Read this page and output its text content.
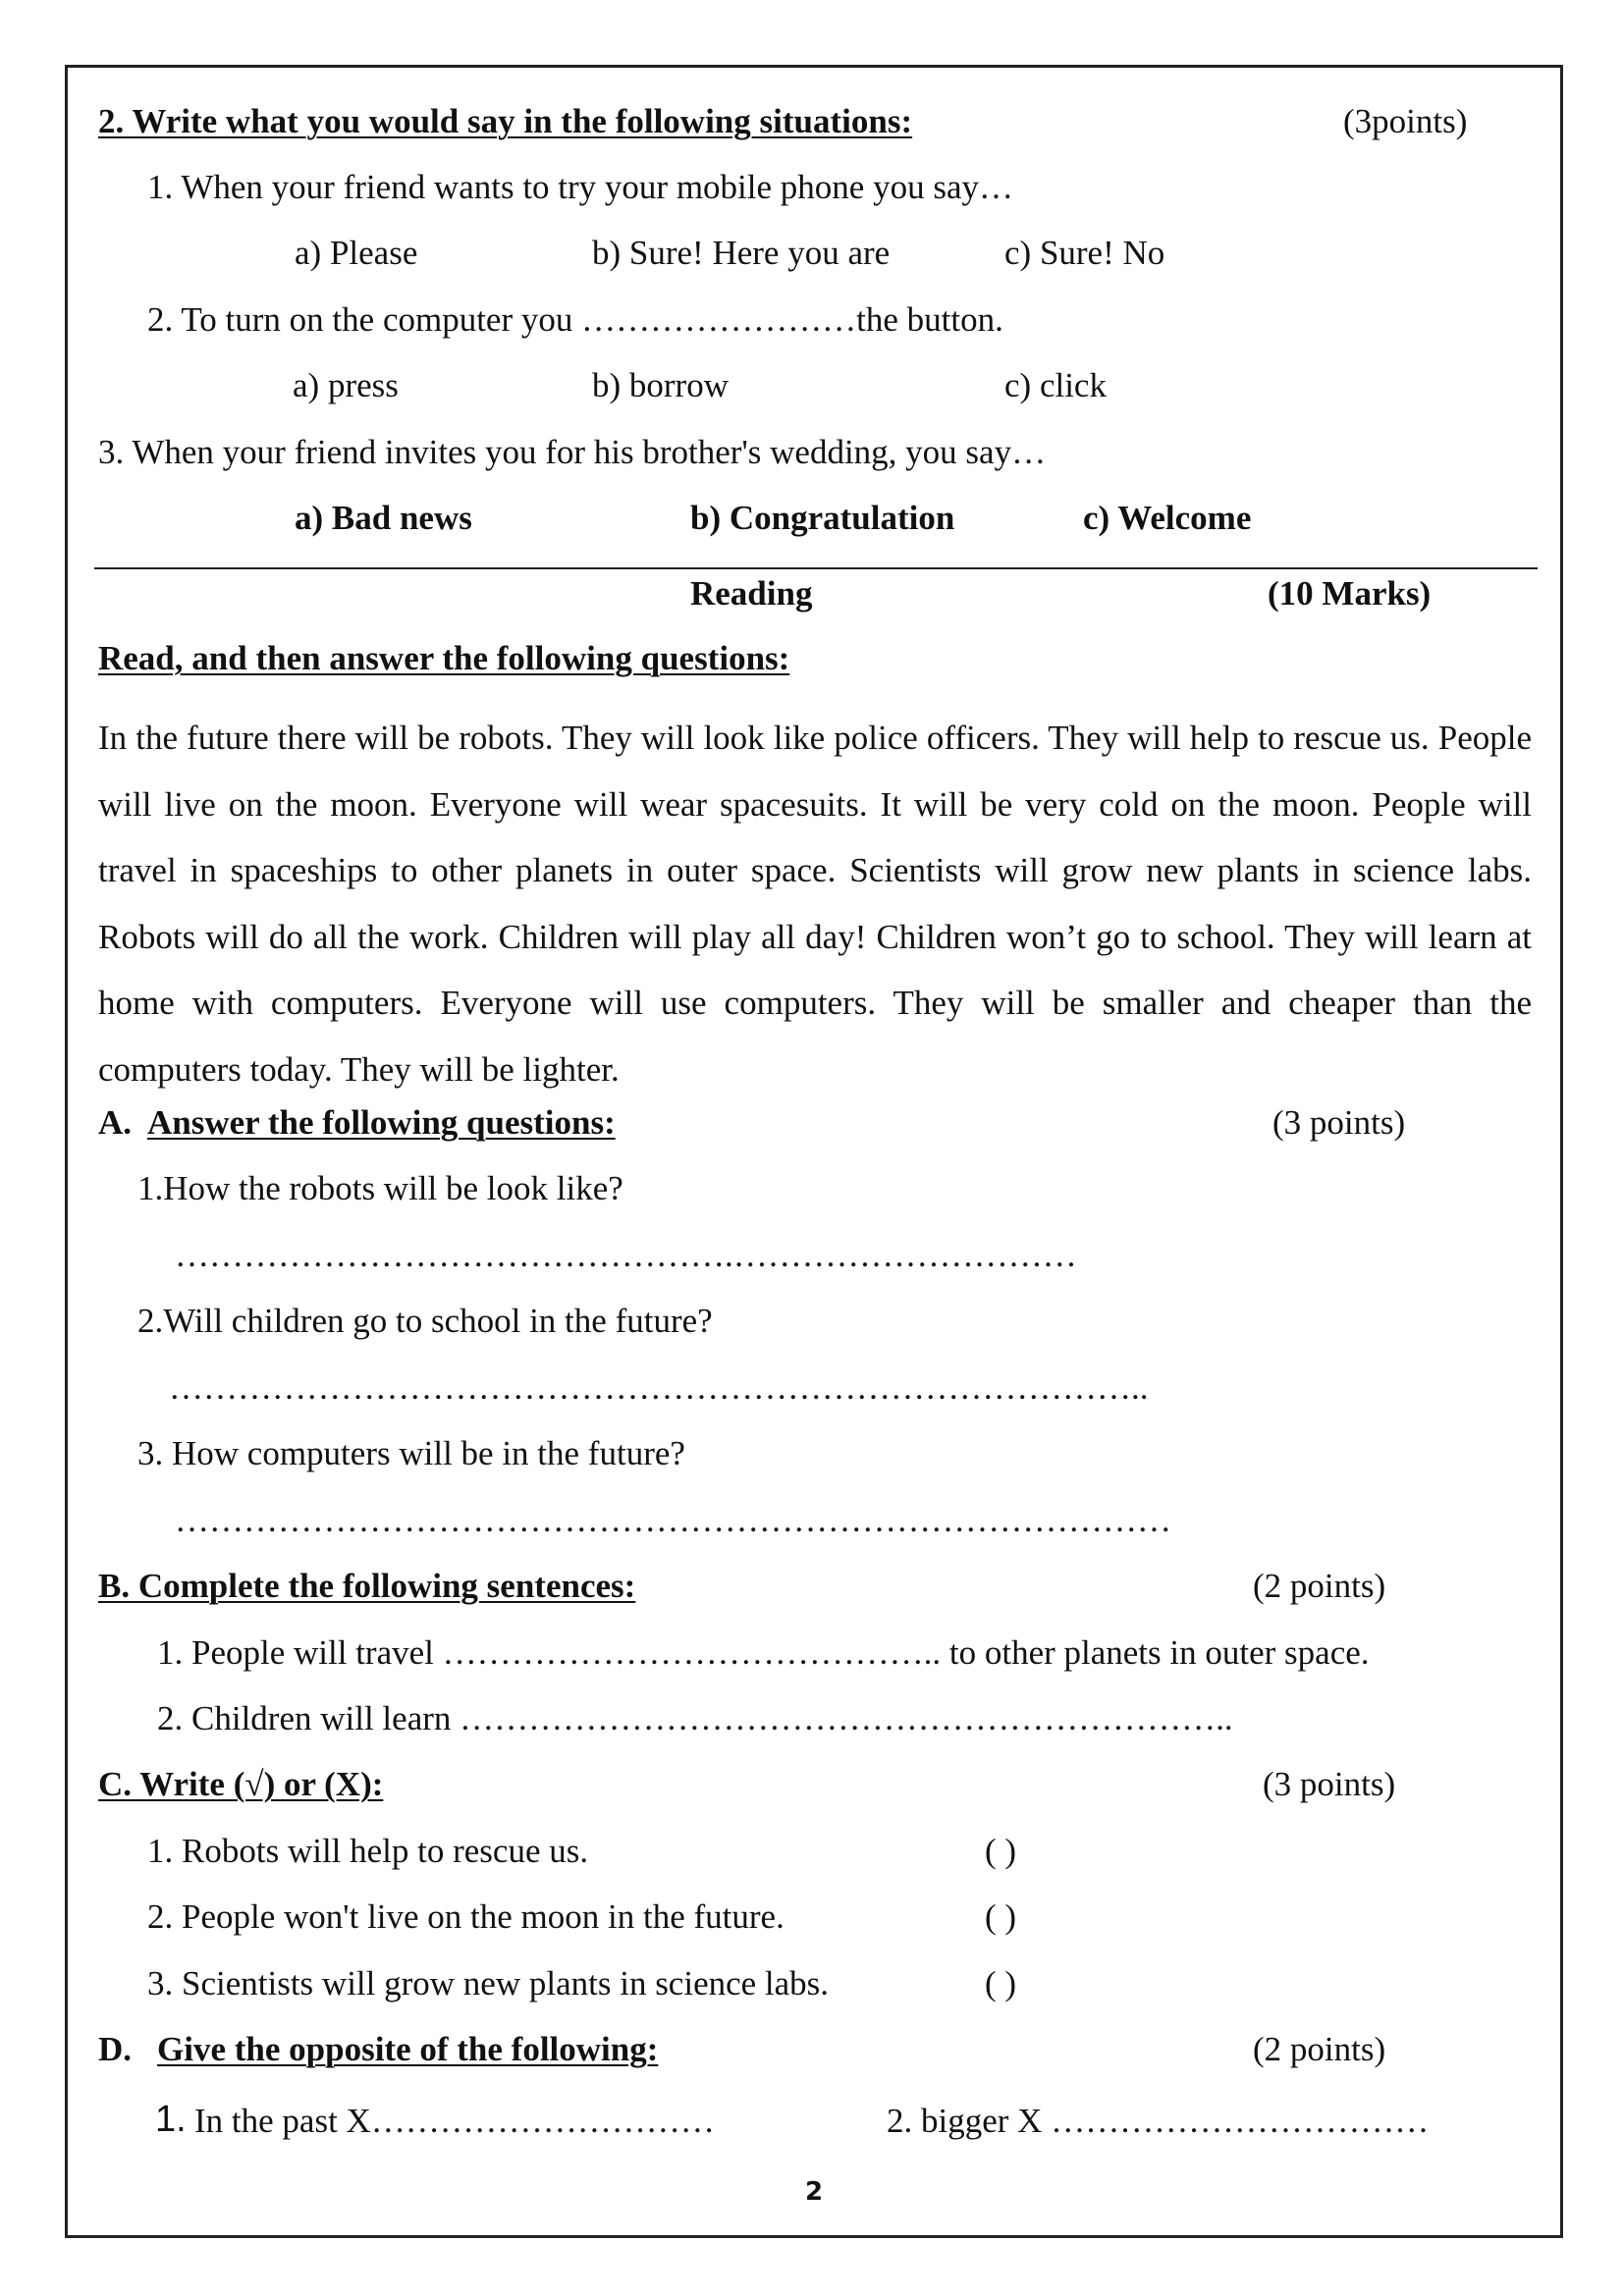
2. Write what you would say in the following situations:	(3points)
1. When your friend wants to try your mobile phone you say…
a) Please	b) Sure! Here you are	c) Sure! No
2. To turn on the computer you ……………………the button.
a) press	b) borrow	c) click
3. When your friend invites you for his brother's wedding, you say…
a) Bad news	b) Congratulation	c) Welcome
Reading	(10 Marks)
Read, and then answer the following questions:
In the future there will be robots. They will look like police officers. They will help to rescue us. People will live on the moon. Everyone will wear spacesuits. It will be very cold on the moon. People will travel in spaceships to other planets in outer space. Scientists will grow new plants in science labs. Robots will do all the work. Children will play all day! Children won’t go to school. They will learn at home with computers. Everyone will use computers. They will be smaller and cheaper than the computers today. They will be lighter.
A. Answer the following questions:	(3 points)
1.How the robots will be look like?
………………………………………….…………………………
2.Will children go to school in the future?
…………………………………………………………………………..
3. How computers will be in the future?
……………………………………………………………………………
B. Complete the following sentences:	(2 points)
1. People will travel …………………………………….. to other planets in outer space.
2. Children will learn …………………………………………………………..
C. Write (√) or (X):	(3 points)
1. Robots will help to rescue us.	( )
2. People won't live on the moon in the future.	( )
3. Scientists will grow new plants in science labs.	( )
D. Give the opposite of the following:	(2 points)
1. In the past X…………………………	2. bigger X ……………………………
2
